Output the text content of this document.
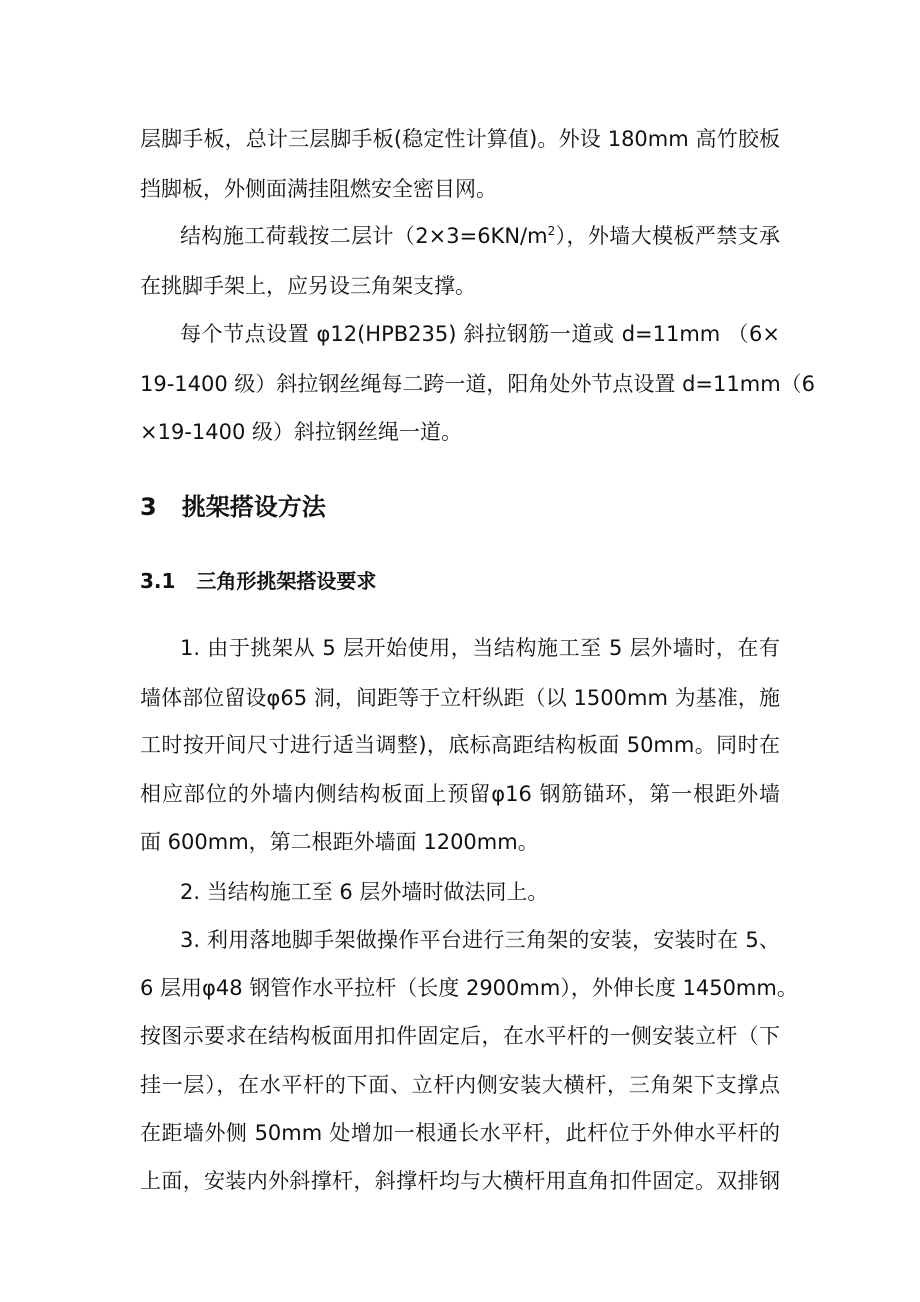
层脚手板，总计三层脚手板(稳定性计算值)。外设 180mm 高竹胶板
挡脚板，外侧面满挂阻燃安全密目网。
结构施工荷载按二层计$(2\times 3=6KN/m^2)$，外墙大模板严禁支承
在挑脚手架上，应另设三角架支撑。
每个节点设置 φ12(HPB235) 斜拉钢筋一道或 d=11mm （6×
19-1400 级）斜拉钢丝绳每二跨一道，阳角处外节点设置 d=11mm（6
×19-1400 级）斜拉钢丝绳一道。
3 挑架搭设方法
3.1 三角形挑架搭设要求
1. 由于挑架从 5 层开始使用，当结构施工至 5 层外墙时，在有
墙体部位留设φ65 洞，间距等于立杆纵距（以 1500mm 为基准，施
工时按开间尺寸进行适当调整)，底标高距结构板面 50mm。同时在
相应部位的外墙内侧结构板面上预留φ16 钢筋锚环，第一根距外墙
面 600mm，第二根距外墙面 1200mm。
2. 当结构施工至 6 层外墙时做法同上。
3. 利用落地脚手架做操作平台进行三角架的安装，安装时在 5、
6 层用φ48 钢管作水平拉杆（长度 2900mm），外伸长度 1450mm。
按图示要求在结构板面用扣件固定后，在水平杆的一侧安装立杆（下
挂一层），在水平杆的下面、立杆内侧安装大横杆，三角架下支撑点
在距墙外侧 50mm 处增加一根通长水平杆，此杆位于外伸水平杆的
上面，安装内外斜撑杆，斜撑杆均与大横杆用直角扣件固定。双排钢
